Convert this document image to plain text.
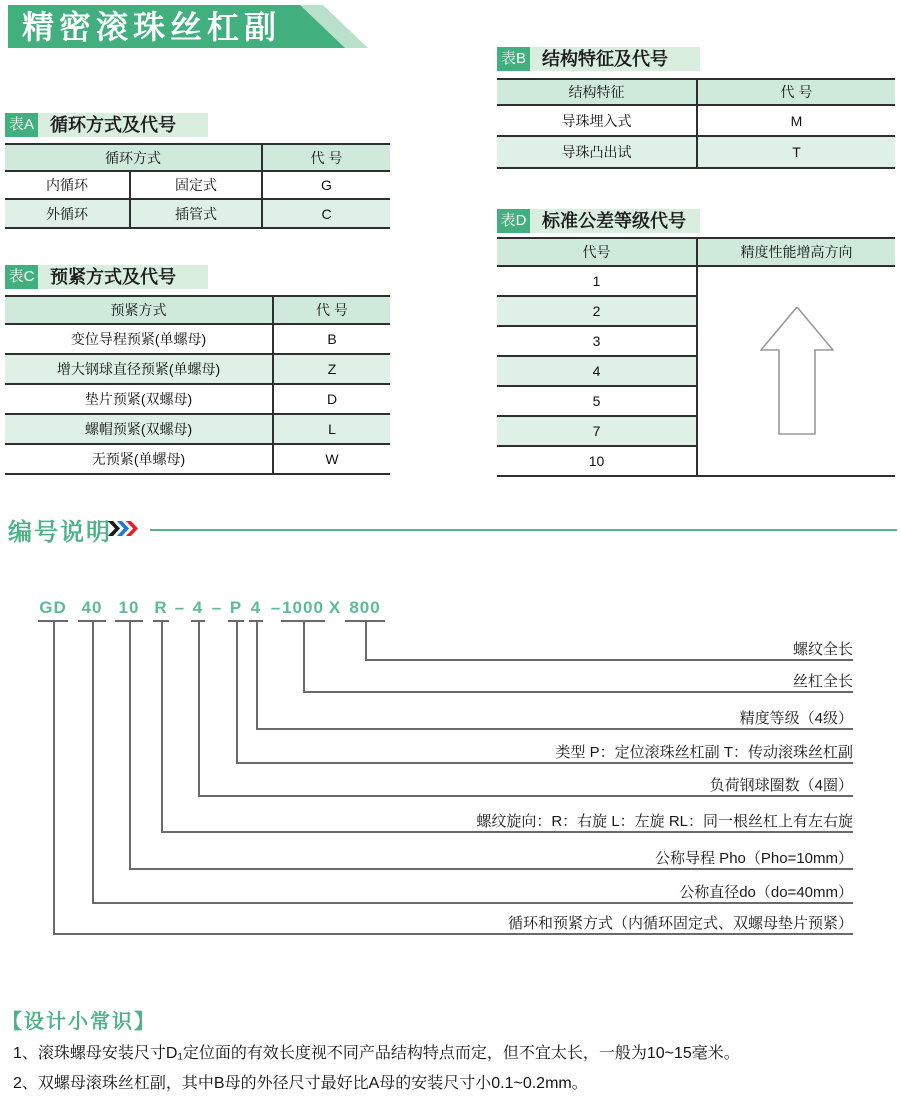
精密滚珠丝杠副
表A 循环方式及代号
循环方式		代 号
内循环	固定式	G
外循环	插管式	C
表B 结构特征及代号
结构特征	代 号
导珠埋入式	M
导珠凸出试	T
表C 预紧方式及代号
预紧方式	代 号
变位导程预紧(单螺母)	B
增大钢球直径预紧(单螺母)	Z
垫片预紧(双螺母)	D
螺帽预紧(双螺母)	L
无预紧(单螺母)	W
表D 标准公差等级代号
代号	精度性能增高方向
1	

2	
3	
4	
5	
7	
10	
编号说明
GD 40 10 R – 4 – P 4 – 1000 X 800
螺纹全长
丝杠全长
精度等级（4级）
类型 P：定位滚珠丝杠副 T：传动滚珠丝杠副
负荷钢球圈数（4圈）
螺纹旋向：R：右旋 L：左旋 RL：同一根丝杠上有左右旋
公称导程 Pho（Pho=10mm）
公称直径do（do=40mm）
循环和预紧方式（内循环固定式、双螺母垫片预紧）
【设计小常识】
1、滚珠螺母安装尺寸D₁定位面的有效长度视不同产品结构特点而定，但不宜太长，一般为10~15毫米。
2、双螺母滚珠丝杠副，其中B母的外径尺寸最好比A母的安装尺寸小0.1~0.2mm。
